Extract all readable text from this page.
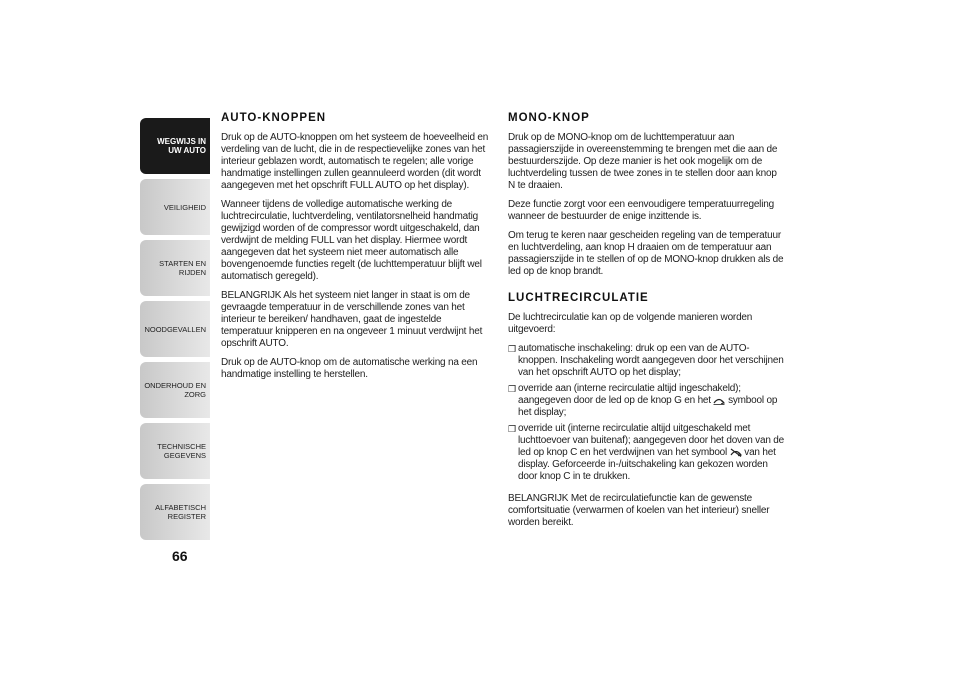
WEGWIJS IN UW AUTO
VEILIGHEID
STARTEN EN RIJDEN
NOODGEVALLEN
ONDERHOUD EN ZORG
TECHNISCHE GEGEVENS
ALFABETISCH REGISTER
66
AUTO-KNOPPEN

Druk op de AUTO-knoppen om het systeem de hoeveelheid en verdeling van de lucht, die in de respectievelijke zones van het interieur geblazen wordt, automatisch te regelen; alle vorige handmatige instellingen zullen geannuleerd worden (dit wordt aangegeven met het opschrift FULL AUTO op het display).

Wanneer tijdens de volledige automatische werking de luchtrecirculatie, luchtverdeling, ventilatorsnelheid handmatig gewijzigd worden of de compressor wordt uitgeschakeld, dan verdwijnt de melding FULL van het display. Hiermee wordt aangegeven dat het systeem niet meer automatisch alle bovengenoemde functies regelt (de luchttemperatuur blijft wel automatisch geregeld).

BELANGRIJK Als het systeem niet langer in staat is om de gevraagde temperatuur in de verschillende zones van het interieur te bereiken/ handhaven, gaat de ingestelde temperatuur knipperen en na ongeveer 1 minuut verdwijnt het opschrift AUTO.

Druk op de AUTO-knop om de automatische werking na een handmatige instelling te herstellen.

MONO-KNOP

Druk op de MONO-knop om de luchttemperatuur aan passagierszijde in overeenstemming te brengen met die aan de bestuurderszijde. Op deze manier is het ook mogelijk om de luchtverdeling tussen de twee zones in te stellen door aan knop N te draaien.

Deze functie zorgt voor een eenvoudigere temperatuurregeling wanneer de bestuurder de enige inzittende is.

Om terug te keren naar gescheiden regeling van de temperatuur en luchtverdeling, aan knop H draaien om de temperatuur aan passagierszijde in te stellen of op de MONO-knop drukken als de led op de knop brandt.

LUCHTRECIRCULATIE

De luchtrecirculatie kan op de volgende manieren worden uitgevoerd:

❒ automatische inschakeling: druk op een van de AUTO-knoppen. Inschakeling wordt aangegeven door het verschijnen van het opschrift AUTO op het display;
❒ override aan (interne recirculatie altijd ingeschakeld); aangegeven door de led op de knop G en het symbool op het display;
❒ override uit (interne recirculatie altijd uitgeschakeld met luchttoevoer van buitenaf); aangegeven door het doven van de led op knop C en het verdwijnen van het symbool van het display. Geforceerde in-/uitschakeling kan gekozen worden door knop C in te drukken.

BELANGRIJK Met de recirculatiefunctie kan de gewenste comfortsituatie (verwarmen of koelen van het interieur) sneller worden bereikt.
